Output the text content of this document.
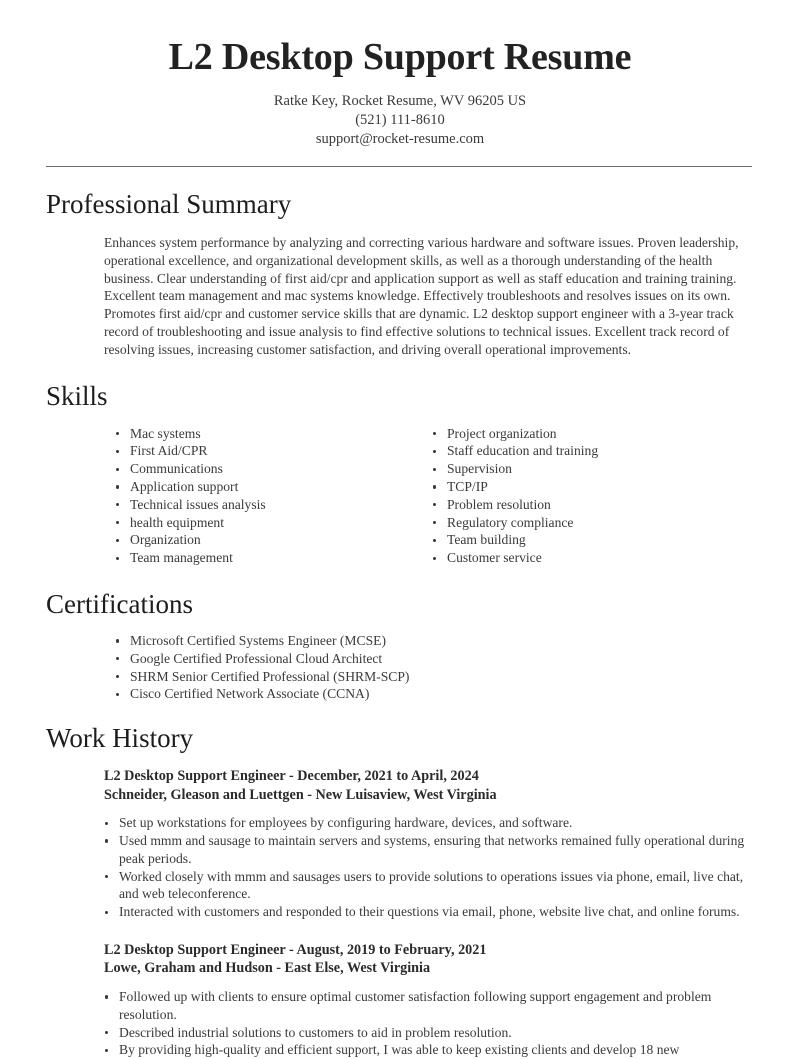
L2 Desktop Support Resume

Ratke Key, Rocket Resume, WV 96205 US

(521) 111-8610

support@rocket-resume.com

Professional Summary

Enhances system performance by analyzing and correcting various hardware and software issues. Proven leadership, operational excellence, and organizational development skills, as well as a thorough understanding of the health business. Clear understanding of first aid/cpr and application support as well as staff education and training training. Excellent team management and mac systems knowledge. Effectively troubleshoots and resolves issues on its own. Promotes first aid/cpr and customer service skills that are dynamic. L2 desktop support engineer with a 3-year track record of troubleshooting and issue analysis to find effective solutions to technical issues. Excellent track record of resolving issues, increasing customer satisfaction, and driving overall operational improvements.

Skills
Mac systems
First Aid/CPR
Communications
Application support
Technical issues analysis
health equipment
Organization
Team management
Project organization
Staff education and training
Supervision
TCP/IP
Problem resolution
Regulatory compliance
Team building
Customer service
Certifications
Microsoft Certified Systems Engineer (MCSE)
Google Certified Professional Cloud Architect
SHRM Senior Certified Professional (SHRM-SCP)
Cisco Certified Network Associate (CCNA)
Work History
L2 Desktop Support Engineer - December, 2021 to April, 2024
Schneider, Gleason and Luettgen - New Luisaview, West Virginia
Set up workstations for employees by configuring hardware, devices, and software.
Used mmm and sausage to maintain servers and systems, ensuring that networks remained fully operational during peak periods.
Worked closely with mmm and sausages users to provide solutions to operations issues via phone, email, live chat, and web teleconference.
Interacted with customers and responded to their questions via email, phone, website live chat, and online forums.
L2 Desktop Support Engineer - August, 2019 to February, 2021
Lowe, Graham and Hudson - East Else, West Virginia
Followed up with clients to ensure optimal customer satisfaction following support engagement and problem resolution.
Described industrial solutions to customers to aid in problem resolution.
By providing high-quality and efficient support, I was able to keep existing clients and develop 18 new
